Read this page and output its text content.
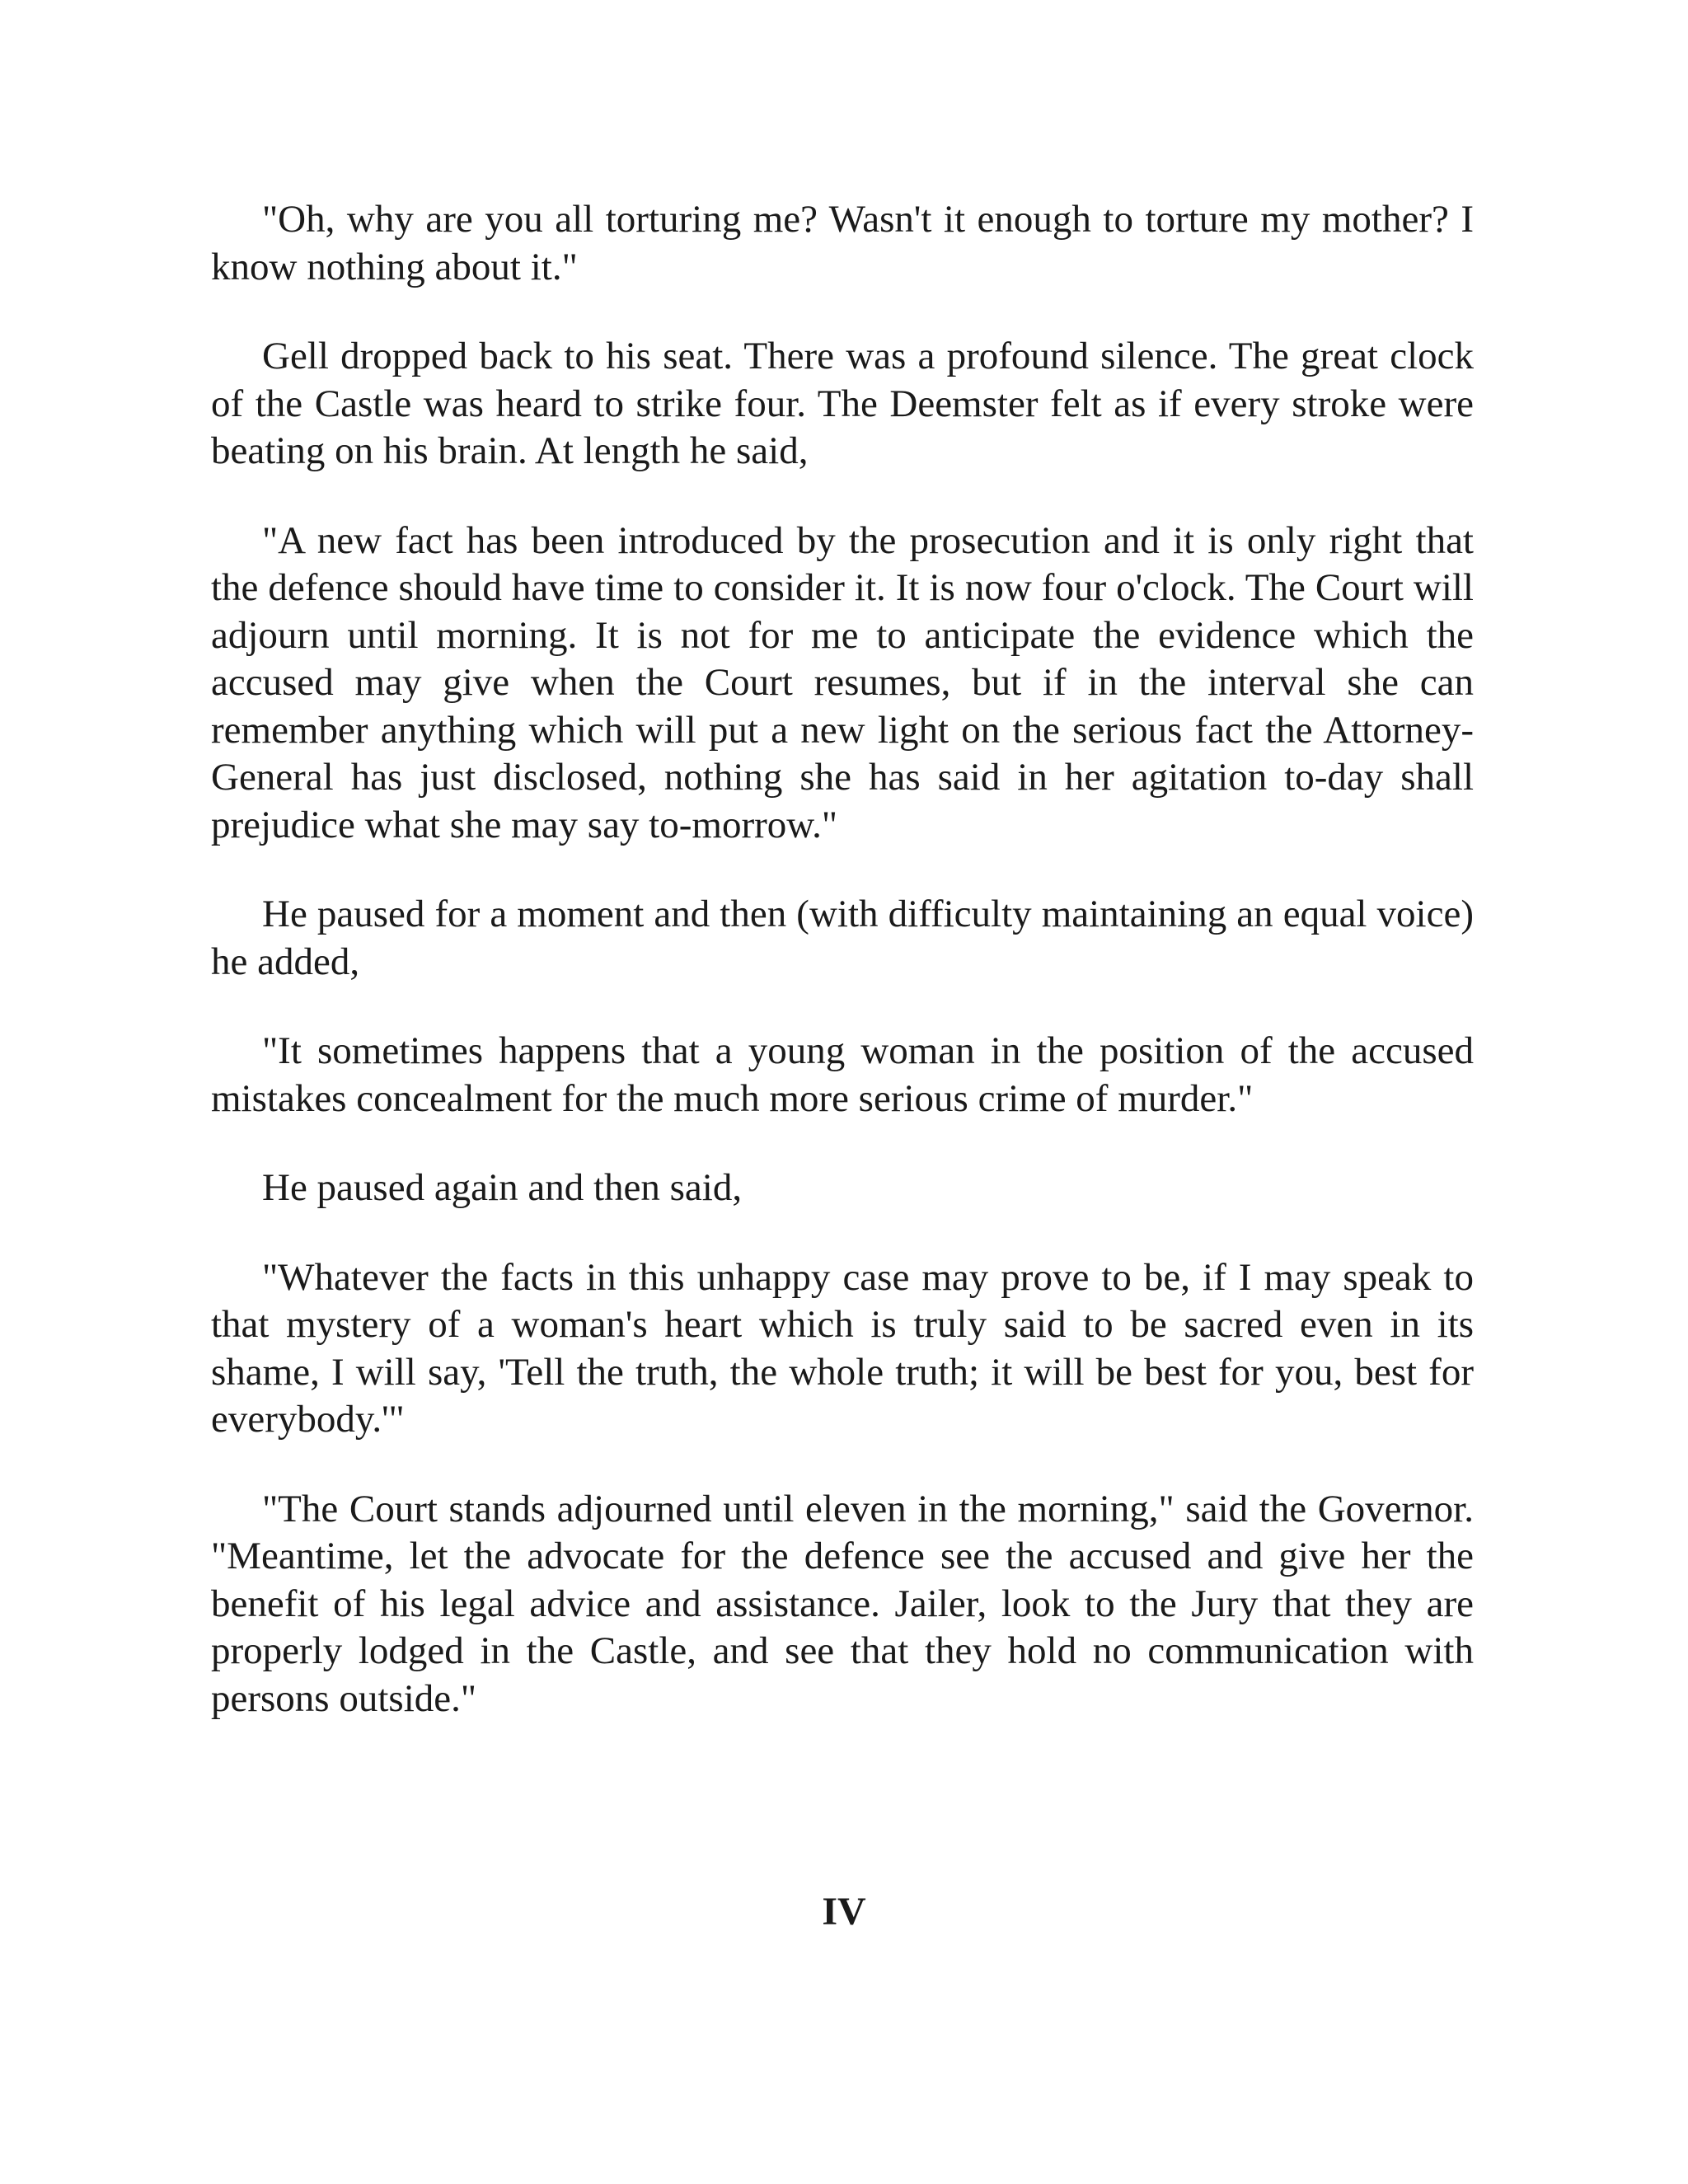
"Oh, why are you all torturing me? Wasn't it enough to torture my mother? I know nothing about it."

Gell dropped back to his seat. There was a profound silence. The great clock of the Castle was heard to strike four. The Deemster felt as if every stroke were beating on his brain. At length he said,

"A new fact has been introduced by the prosecution and it is only right that the defence should have time to consider it. It is now four o'clock. The Court will adjourn until morning. It is not for me to anticipate the evidence which the accused may give when the Court resumes, but if in the interval she can remember anything which will put a new light on the serious fact the Attorney-General has just disclosed, nothing she has said in her agitation to-day shall prejudice what she may say to-morrow."

He paused for a moment and then (with difficulty maintaining an equal voice) he added,

"It sometimes happens that a young woman in the position of the accused mistakes concealment for the much more serious crime of murder."

He paused again and then said,

"Whatever the facts in this unhappy case may prove to be, if I may speak to that mystery of a woman's heart which is truly said to be sacred even in its shame, I will say, 'Tell the truth, the whole truth; it will be best for you, best for everybody.'"

"The Court stands adjourned until eleven in the morning," said the Governor. "Meantime, let the advocate for the defence see the accused and give her the benefit of his legal advice and assistance. Jailer, look to the Jury that they are properly lodged in the Castle, and see that they hold no communication with persons outside."

IV
